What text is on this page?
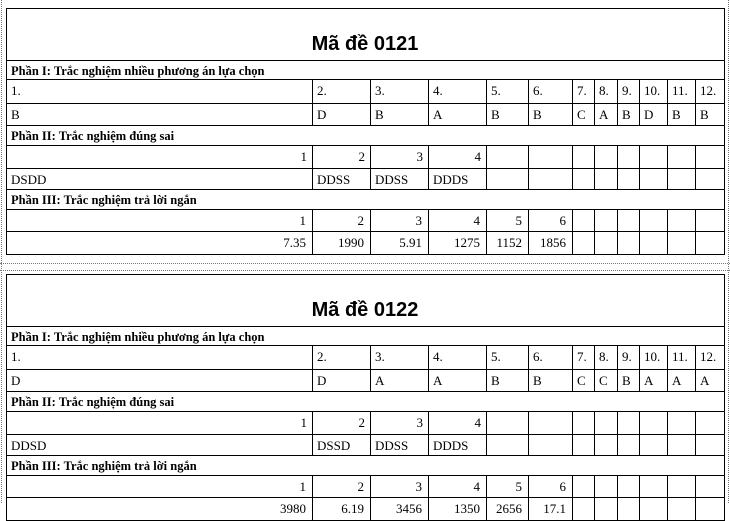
Mã đề 0121
Phần I: Trắc nghiệm nhiều phương án lựa chọn
1.
B
2.
D
3.
B
4.
A
5.
B
6.
B
7.
C
8.
A
9.
B
10.
D
11.
B
12.
B
Phần II: Trắc nghiệm đúng sai
1
DSDD
2
DDSS
3
DDSS
4
DDDS
Phần III: Trắc nghiệm trả lời ngắn
1
7.35
2
1990
3
5.91
4
1275
5
1152
6
1856
Mã đề 0122
Phần I: Trắc nghiệm nhiều phương án lựa chọn
1.
D
2.
D
3.
A
4.
A
5.
B
6.
B
7.
C
8.
C
9.
B
10.
A
11.
A
12.
A
Phần II: Trắc nghiệm đúng sai
1
DDSD
2
DSSD
3
DDSS
4
DDDS
Phần III: Trắc nghiệm trả lời ngắn
1
3980
2
6.19
3
3456
4
1350
5
2656
6
17.1
